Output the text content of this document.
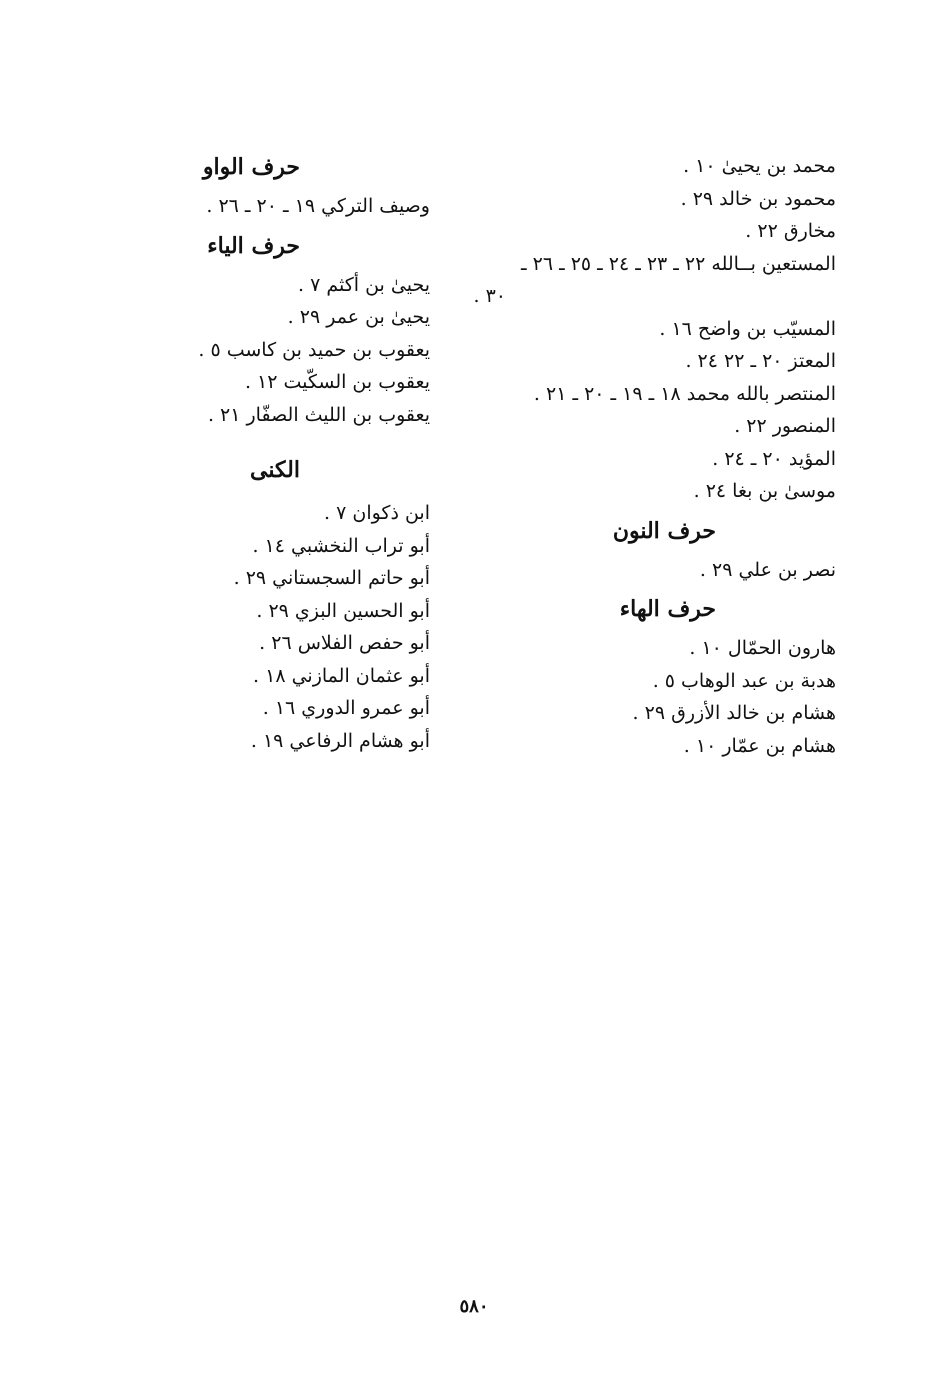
محمد بن يحيىٰ ١٠ .
محمود بن خالد ٢٩ .
مخارق ٢٢ .
المستعين بــالله ٢٢ ـ ٢٣ ـ ٢٤ ـ ٢٥ ـ ٢٦ ـ
٣٠ .
المسيّب بن واضح ١٦ .
المعتز ٢٠ ـ ٢٢ ٢٤ .
المنتصر بالله محمد ١٨ ـ ١٩ ـ ٢٠ ـ ٢١ .
المنصور ٢٢ .
المؤيد ٢٠ ـ ٢٤ .
موسىٰ بن بغا ٢٤ .
حرف النون
نصر بن علي ٢٩ .
حرف الهاء
هارون الحمّال ١٠ .
هدبة بن عبد الوهاب ٥ .
هشام بن خالد الأزرق ٢٩ .
هشام بن عمّار ١٠ .
حرف الواو
وصيف التركي ١٩ ـ ٢٠ ـ ٢٦ .
حرف الياء
يحيىٰ بن أكثم ٧ .
يحيىٰ بن عمر ٢٩ .
يعقوب بن حميد بن كاسب ٥ .
يعقوب بن السكّيت ١٢ .
يعقوب بن الليث الصفّار ٢١ .
الكنى
ابن ذكوان ٧ .
أبو تراب النخشبي ١٤ .
أبو حاتم السجستاني ٢٩ .
أبو الحسين البزي ٢٩ .
أبو حفص الفلاس ٢٦ .
أبو عثمان المازني ١٨ .
أبو عمرو الدوري ١٦ .
أبو هشام الرفاعي ١٩ .
٥٨٠
